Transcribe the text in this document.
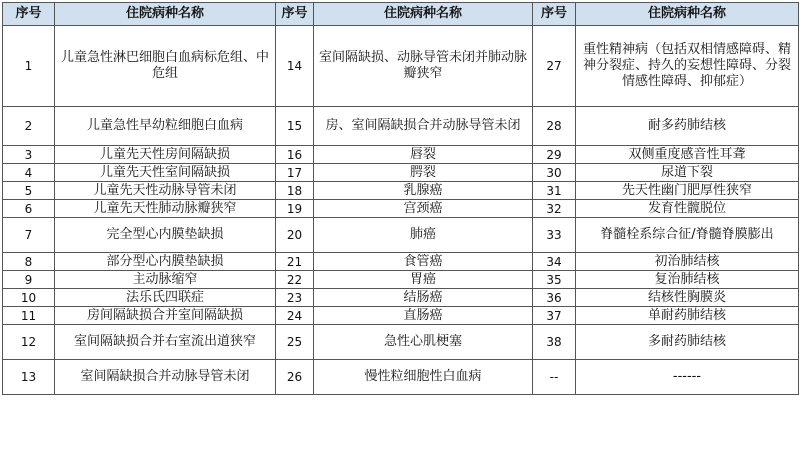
序号	住院病种名称	序号	住院病种名称	序号	住院病种名称
1	儿童急性淋巴细胞白血病标危组、中危组	14	室间隔缺损、动脉导管未闭并肺动脉瓣狭窄	27	重性精神病（包括双相情感障碍、精神分裂症、持久的妄想性障碍、分裂情感性障碍、抑郁症）
2	儿童急性早幼粒细胞白血病	15	房、室间隔缺损合并动脉导管未闭	28	耐多药肺结核
3	儿童先天性房间隔缺损	16	唇裂	29	双侧重度感音性耳聋
4	儿童先天性室间隔缺损	17	腭裂	30	尿道下裂
5	儿童先天性动脉导管未闭	18	乳腺癌	31	先天性幽门肥厚性狭窄
6	儿童先天性肺动脉瓣狭窄	19	宫颈癌	32	发育性髋脱位
7	完全型心内膜垫缺损	20	肺癌	33	脊髓栓系综合征/脊髓脊膜膨出
8	部分型心内膜垫缺损	21	食管癌	34	初治肺结核
9	主动脉缩窄	22	胃癌	35	复治肺结核
10	法乐氏四联症	23	结肠癌	36	结核性胸膜炎
11	房间隔缺损合并室间隔缺损	24	直肠癌	37	单耐药肺结核
12	室间隔缺损合并右室流出道狭窄	25	急性心肌梗塞	38	多耐药肺结核
13	室间隔缺损合并动脉导管未闭	26	慢性粒细胞性白血病	--	------
